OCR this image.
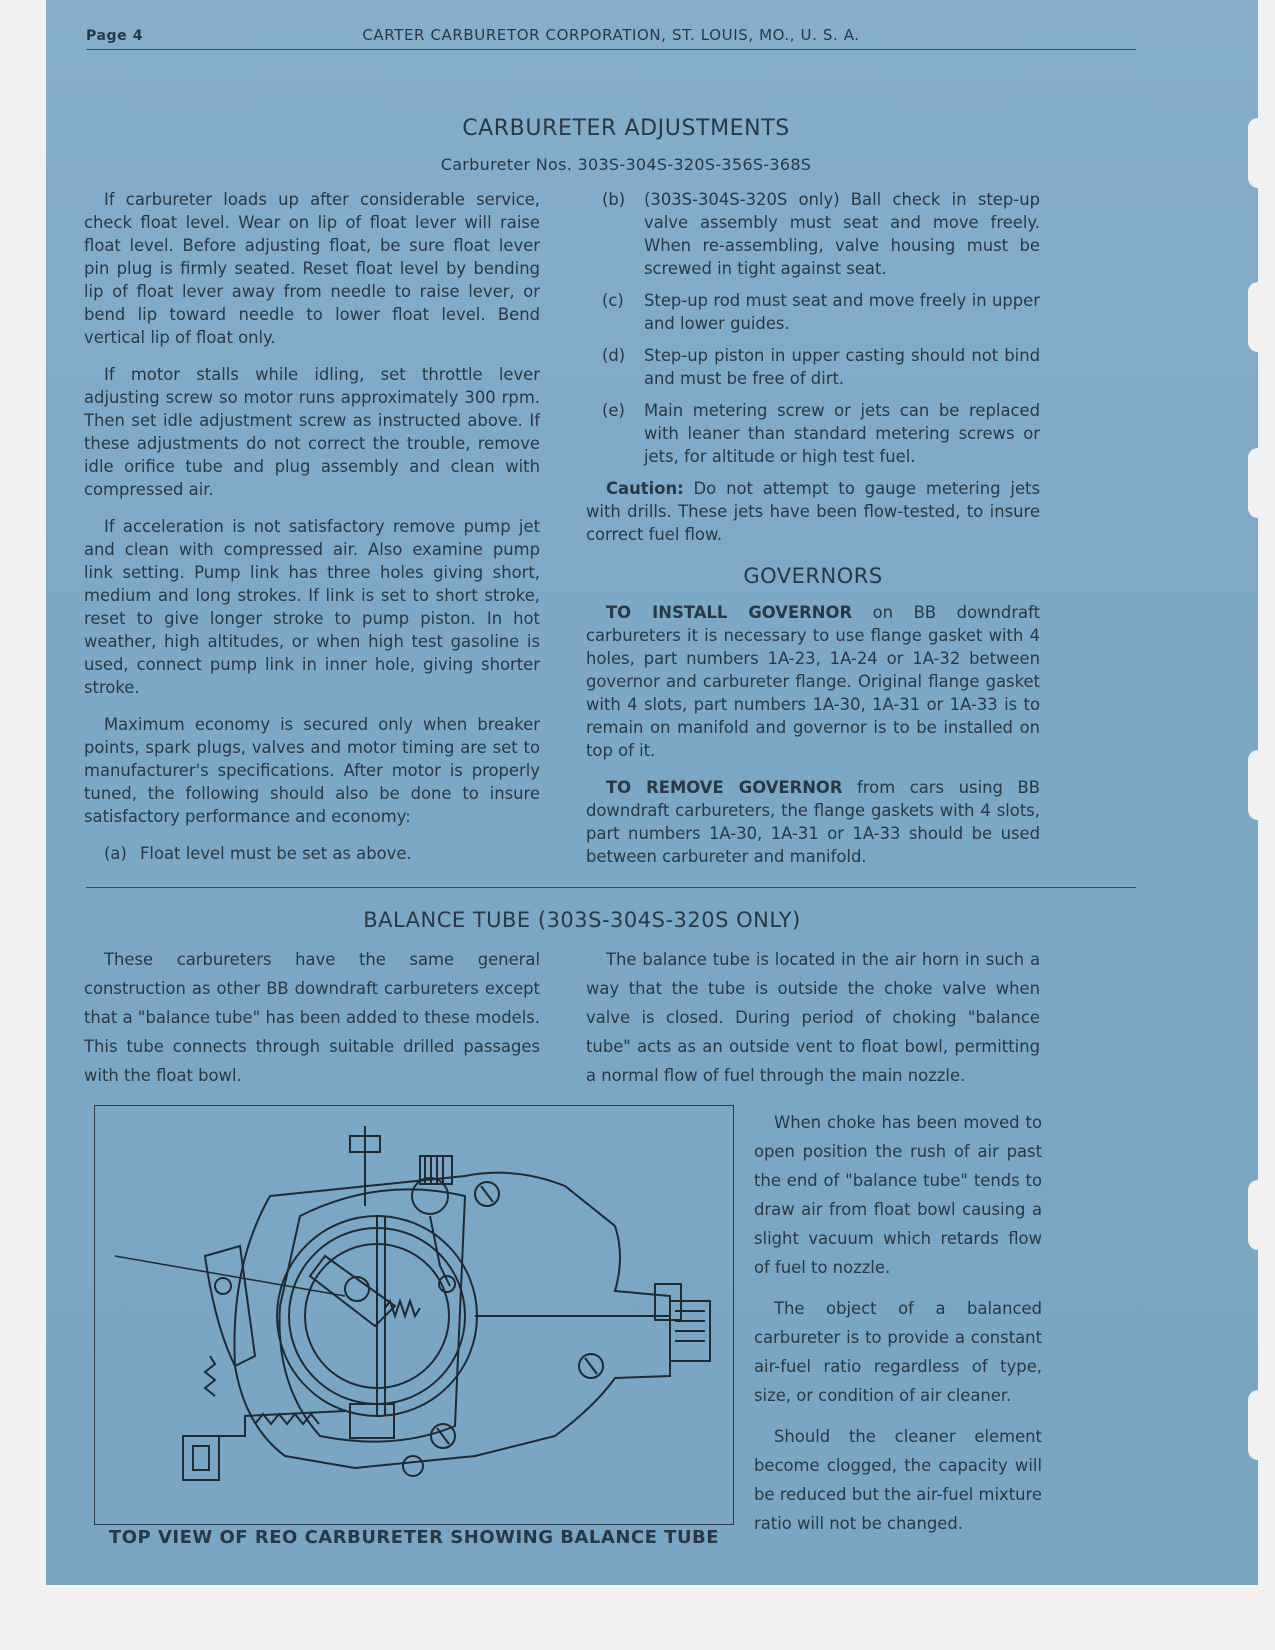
Page 4	CARTER CARBURETOR CORPORATION, ST. LOUIS, MO., U. S. A.
CARBURETER ADJUSTMENTS
Carbureter Nos. 303S-304S-320S-356S-368S

If carbureter loads up after considerable service, check float level. Wear on lip of float lever will raise float level. Before adjusting float, be sure float lever pin plug is firmly seated. Reset float level by bending lip of float lever away from needle to raise lever, or bend lip toward needle to lower float level. Bend vertical lip of float only.

If motor stalls while idling, set throttle lever adjusting screw so motor runs approximately 300 rpm. Then set idle adjustment screw as instructed above. If these adjustments do not correct the trouble, remove idle orifice tube and plug assembly and clean with compressed air.

If acceleration is not satisfactory remove pump jet and clean with compressed air. Also examine pump link setting. Pump link has three holes giving short, medium and long strokes. If link is set to short stroke, reset to give longer stroke to pump piston. In hot weather, high altitudes, or when high test gasoline is used, connect pump link in inner hole, giving shorter stroke.

Maximum economy is secured only when breaker points, spark plugs, valves and motor timing are set to manufacturer's specifications. After motor is properly tuned, the following should also be done to insure satisfactory performance and economy:

(a) Float level must be set as above.
(b)	(303S-304S-320S only) Ball check in step-up valve assembly must seat and move freely. When re-assembling, valve housing must be screwed in tight against seat.
(c)	Step-up rod must seat and move freely in upper and lower guides.
(d)	Step-up piston in upper casting should not bind and must be free of dirt.
(e)	Main metering screw or jets can be replaced with leaner than standard metering screws or jets, for altitude or high test fuel.

Caution: Do not attempt to gauge metering jets with drills. These jets have been flow-tested, to insure correct fuel flow.

GOVERNORS

TO INSTALL GOVERNOR on BB downdraft carbureters it is necessary to use flange gasket with 4 holes, part numbers 1A-23, 1A-24 or 1A-32 between governor and carbureter flange. Original flange gasket with 4 slots, part numbers 1A-30, 1A-31 or 1A-33 is to remain on manifold and governor is to be installed on top of it.

TO REMOVE GOVERNOR from cars using BB downdraft carbureters, the flange gaskets with 4 slots, part numbers 1A-30, 1A-31 or 1A-33 should be used between carbureter and manifold.

BALANCE TUBE (303S-304S-320S ONLY)

These carbureters have the same general construction as other BB downdraft carbureters except that a "balance tube" has been added to these models. This tube connects through suitable drilled passages with the float bowl.

The balance tube is located in the air horn in such a way that the tube is outside the choke valve when valve is closed. During period of choking "balance tube" acts as an outside vent to float bowl, permitting a normal flow of fuel through the main nozzle.

When choke has been moved to open position the rush of air past the end of "balance tube" tends to draw air from float bowl causing a slight vacuum which retards flow of fuel to nozzle.

The object of a balanced carbureter is to provide a constant air-fuel ratio regardless of type, size, or condition of air cleaner.

Should the cleaner element become clogged, the capacity will be reduced but the air-fuel mixture ratio will not be changed.

TOP VIEW OF REO CARBURETER SHOWING BALANCE TUBE
